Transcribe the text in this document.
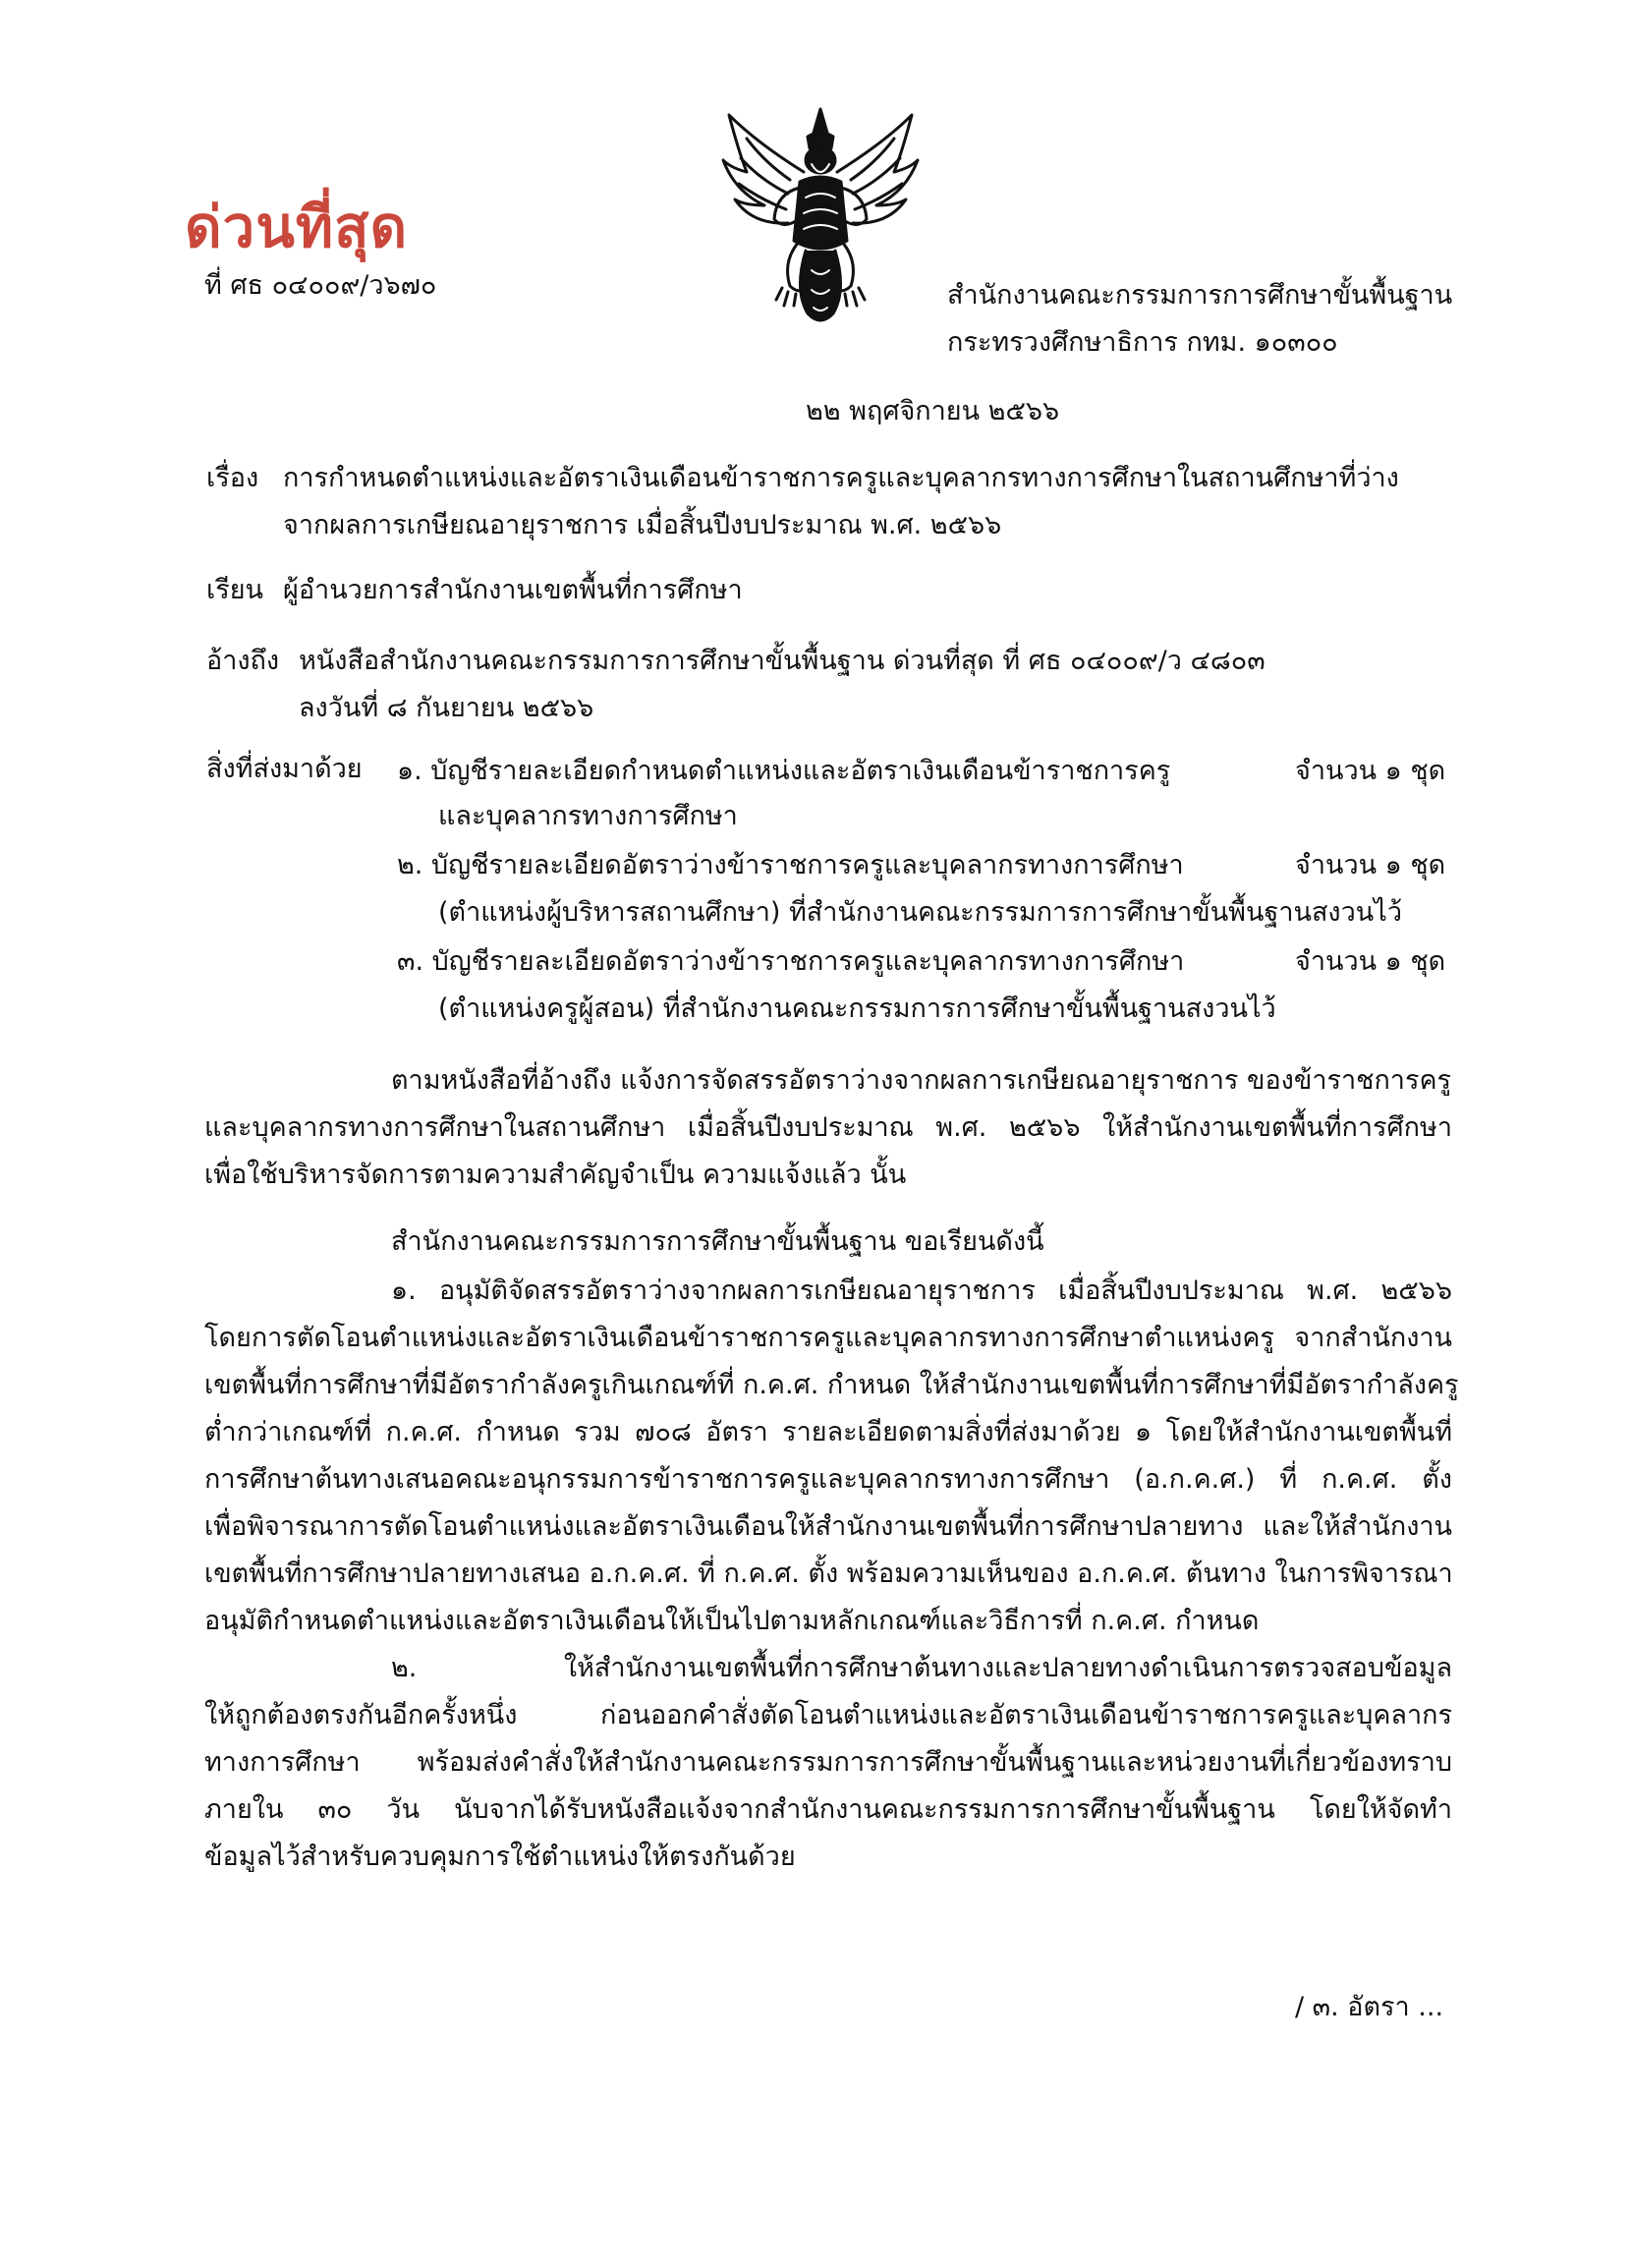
ด่วนที่สุด
ที่ ศธ ๐๔๐๐๙/ว๖๗๐	สำนักงานคณะกรรมการการศึกษาขั้นพื้นฐาน
กระทรวงศึกษาธิการ กทม. ๑๐๓๐๐
๒๒ พฤศจิกายน ๒๕๖๖
เรื่อง การกำหนดตำแหน่งและอัตราเงินเดือนข้าราชการครูและบุคลากรทางการศึกษาในสถานศึกษาที่ว่าง
จากผลการเกษียณอายุราชการ เมื่อสิ้นปีงบประมาณ พ.ศ. ๒๕๖๖
เรียน ผู้อำนวยการสำนักงานเขตพื้นที่การศึกษา
อ้างถึง หนังสือสำนักงานคณะกรรมการการศึกษาขั้นพื้นฐาน ด่วนที่สุด ที่ ศธ ๐๔๐๐๙/ว ๔๘๐๓
ลงวันที่ ๘ กันยายน ๒๕๖๖
สิ่งที่ส่งมาด้วย ๑. บัญชีรายละเอียดกำหนดตำแหน่งและอัตราเงินเดือนข้าราชการครู	จำนวน ๑ ชุด
และบุคลากรทางการศึกษา
๒. บัญชีรายละเอียดอัตราว่างข้าราชการครูและบุคลากรทางการศึกษา	จำนวน ๑ ชุด
(ตำแหน่งผู้บริหารสถานศึกษา) ที่สำนักงานคณะกรรมการการศึกษาขั้นพื้นฐานสงวนไว้
๓. บัญชีรายละเอียดอัตราว่างข้าราชการครูและบุคลากรทางการศึกษา	จำนวน ๑ ชุด
(ตำแหน่งครูผู้สอน) ที่สำนักงานคณะกรรมการการศึกษาขั้นพื้นฐานสงวนไว้
ตามหนังสือที่อ้างถึง แจ้งการจัดสรรอัตราว่างจากผลการเกษียณอายุราชการ ของข้าราชการครู
และบุคลากรทางการศึกษาในสถานศึกษา เมื่อสิ้นปีงบประมาณ พ.ศ. ๒๕๖๖ ให้สำนักงานเขตพื้นที่การศึกษา
เพื่อใช้บริหารจัดการตามความสำคัญจำเป็น ความแจ้งแล้ว นั้น
สำนักงานคณะกรรมการการศึกษาขั้นพื้นฐาน ขอเรียนดังนี้
๑. อนุมัติจัดสรรอัตราว่างจากผลการเกษียณอายุราชการ เมื่อสิ้นปีงบประมาณ พ.ศ. ๒๕๖๖
โดยการตัดโอนตำแหน่งและอัตราเงินเดือนข้าราชการครูและบุคลากรทางการศึกษาตำแหน่งครู จากสำนักงาน
เขตพื้นที่การศึกษาที่มีอัตรากำลังครูเกินเกณฑ์ที่ ก.ค.ศ. กำหนด ให้สำนักงานเขตพื้นที่การศึกษาที่มีอัตรากำลังครู
ต่ำกว่าเกณฑ์ที่ ก.ค.ศ. กำหนด รวม ๗๐๘ อัตรา รายละเอียดตามสิ่งที่ส่งมาด้วย ๑ โดยให้สำนักงานเขตพื้นที่
การศึกษาต้นทางเสนอคณะอนุกรรมการข้าราชการครูและบุคลากรทางการศึกษา (อ.ก.ค.ศ.) ที่ ก.ค.ศ. ตั้ง
เพื่อพิจารณาการตัดโอนตำแหน่งและอัตราเงินเดือนให้สำนักงานเขตพื้นที่การศึกษาปลายทาง และให้สำนักงาน
เขตพื้นที่การศึกษาปลายทางเสนอ อ.ก.ค.ศ. ที่ ก.ค.ศ. ตั้ง พร้อมความเห็นของ อ.ก.ค.ศ. ต้นทาง ในการพิจารณา
อนุมัติกำหนดตำแหน่งและอัตราเงินเดือนให้เป็นไปตามหลักเกณฑ์และวิธีการที่ ก.ค.ศ. กำหนด
๒. ให้สำนักงานเขตพื้นที่การศึกษาต้นทางและปลายทางดำเนินการตรวจสอบข้อมูล
ให้ถูกต้องตรงกันอีกครั้งหนึ่ง ก่อนออกคำสั่งตัดโอนตำแหน่งและอัตราเงินเดือนข้าราชการครูและบุคลากร
ทางการศึกษา พร้อมส่งคำสั่งให้สำนักงานคณะกรรมการการศึกษาขั้นพื้นฐานและหน่วยงานที่เกี่ยวข้องทราบ
ภายใน ๓๐ วัน นับจากได้รับหนังสือแจ้งจากสำนักงานคณะกรรมการการศึกษาขั้นพื้นฐาน โดยให้จัดทำ
ข้อมูลไว้สำหรับควบคุมการใช้ตำแหน่งให้ตรงกันด้วย
/ ๓. อัตรา ...
